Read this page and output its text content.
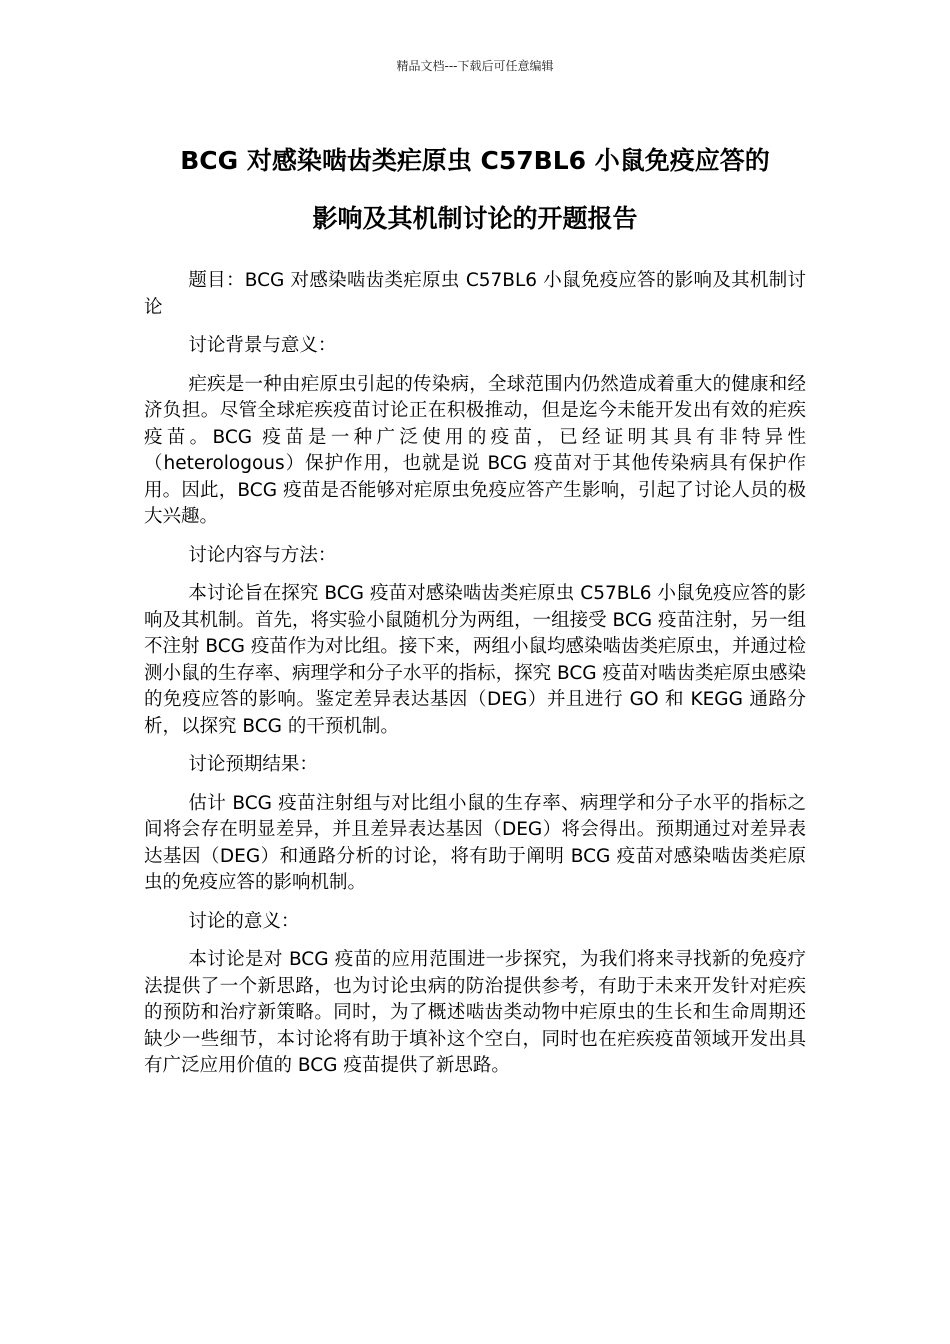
精品文档---下载后可任意编辑
BCG 对感染啮齿类疟原虫 C57BL6 小鼠免疫应答的
影响及其机制讨论的开题报告

题目：BCG 对感染啮齿类疟原虫 C57BL6 小鼠免疫应答的影响及其机制讨论

讨论背景与意义：

疟疾是一种由疟原虫引起的传染病，全球范围内仍然造成着重大的健康和经济负担。尽管全球疟疾疫苗讨论正在积极推动，但是迄今未能开发出有效的疟疾疫苗。BCG 疫苗是一种广泛使用的疫苗，已经证明其具有非特异性（heterologous）保护作用，也就是说 BCG 疫苗对于其他传染病具有保护作用。因此，BCG 疫苗是否能够对疟原虫免疫应答产生影响，引起了讨论人员的极大兴趣。

讨论内容与方法：

本讨论旨在探究 BCG 疫苗对感染啮齿类疟原虫 C57BL6 小鼠免疫应答的影响及其机制。首先，将实验小鼠随机分为两组，一组接受 BCG 疫苗注射，另一组不注射 BCG 疫苗作为对比组。接下来，两组小鼠均感染啮齿类疟原虫，并通过检测小鼠的生存率、病理学和分子水平的指标，探究 BCG 疫苗对啮齿类疟原虫感染的免疫应答的影响。鉴定差异表达基因（DEG）并且进行 GO 和 KEGG 通路分析，以探究 BCG 的干预机制。

讨论预期结果：

估计 BCG 疫苗注射组与对比组小鼠的生存率、病理学和分子水平的指标之间将会存在明显差异，并且差异表达基因（DEG）将会得出。预期通过对差异表达基因（DEG）和通路分析的讨论，将有助于阐明 BCG 疫苗对感染啮齿类疟原虫的免疫应答的影响机制。

讨论的意义：

本讨论是对 BCG 疫苗的应用范围进一步探究，为我们将来寻找新的免疫疗法提供了一个新思路，也为讨论虫病的防治提供参考，有助于未来开发针对疟疾的预防和治疗新策略。同时，为了概述啮齿类动物中疟原虫的生长和生命周期还缺少一些细节，本讨论将有助于填补这个空白，同时也在疟疾疫苗领域开发出具有广泛应用价值的 BCG 疫苗提供了新思路。
